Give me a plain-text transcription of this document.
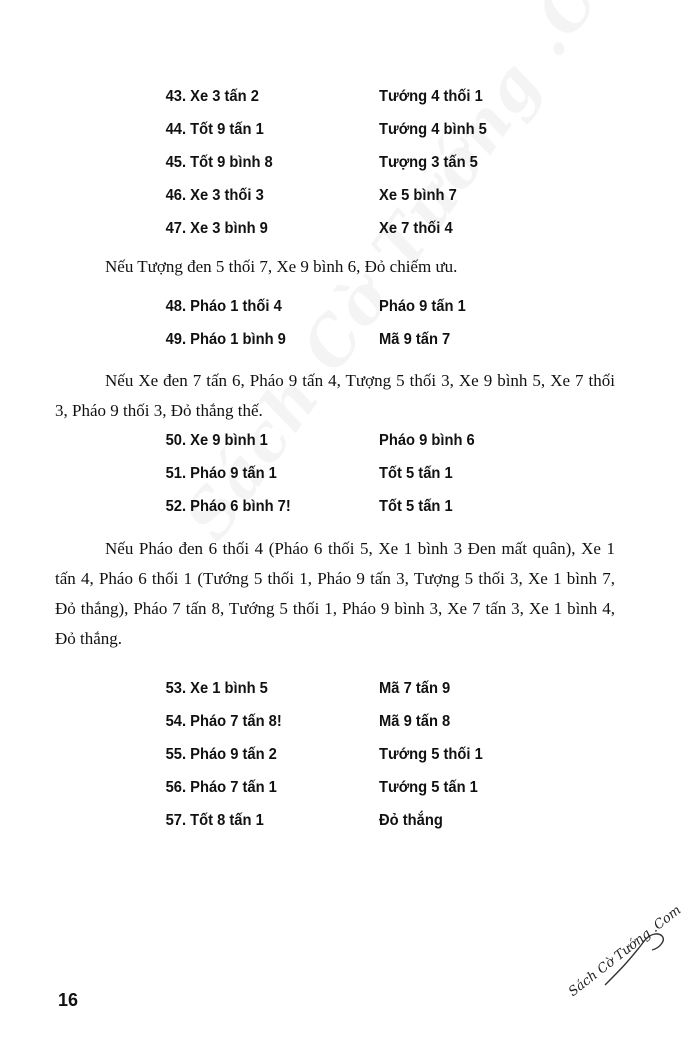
43. Xe 3 tấn 2	Tướng 4 thối 1
44. Tốt 9 tấn 1	Tướng 4 bình 5
45. Tốt 9 bình 8	Tượng 3 tấn 5
46. Xe 3 thối 3	Xe 5 bình 7
47. Xe 3 bình 9	Xe 7 thối 4

Nếu Tượng đen 5 thối 7, Xe 9 bình 6, Đỏ chiếm ưu.

48. Pháo 1 thối 4	Pháo 9 tấn 1
49. Pháo 1 bình 9	Mã 9 tấn 7

Nếu Xe đen 7 tấn 6, Pháo 9 tấn 4, Tượng 5 thối 3, Xe 9 bình 5, Xe 7 thối 3, Pháo 9 thối 3, Đỏ thắng thế.

50. Xe 9 bình 1	Pháo 9 bình 6
51. Pháo 9 tấn 1	Tốt 5 tấn 1
52. Pháo 6 bình 7!	Tốt 5 tấn 1

Nếu Pháo đen 6 thối 4 (Pháo 6 thối 5, Xe 1 bình 3 Đen mất quân), Xe 1 tấn 4, Pháo 6 thối 1 (Tướng 5 thối 1, Pháo 9 tấn 3, Tượng 5 thối 3, Xe 1 bình 7, Đỏ thắng), Pháo 7 tấn 8, Tướng 5 thối 1, Pháo 9 bình 3, Xe 7 tấn 3, Xe 1 bình 4, Đỏ thắng.

53. Xe 1 bình 5	Mã 7 tấn 9
54. Pháo 7 tấn 8!	Mã 9 tấn 8
55. Pháo 9 tấn 2	Tướng 5 thối 1
56. Pháo 7 tấn 1	Tướng 5 tấn 1
57. Tốt 8 tấn 1	Đỏ thắng
16
Sách Cờ Tướng .Com
